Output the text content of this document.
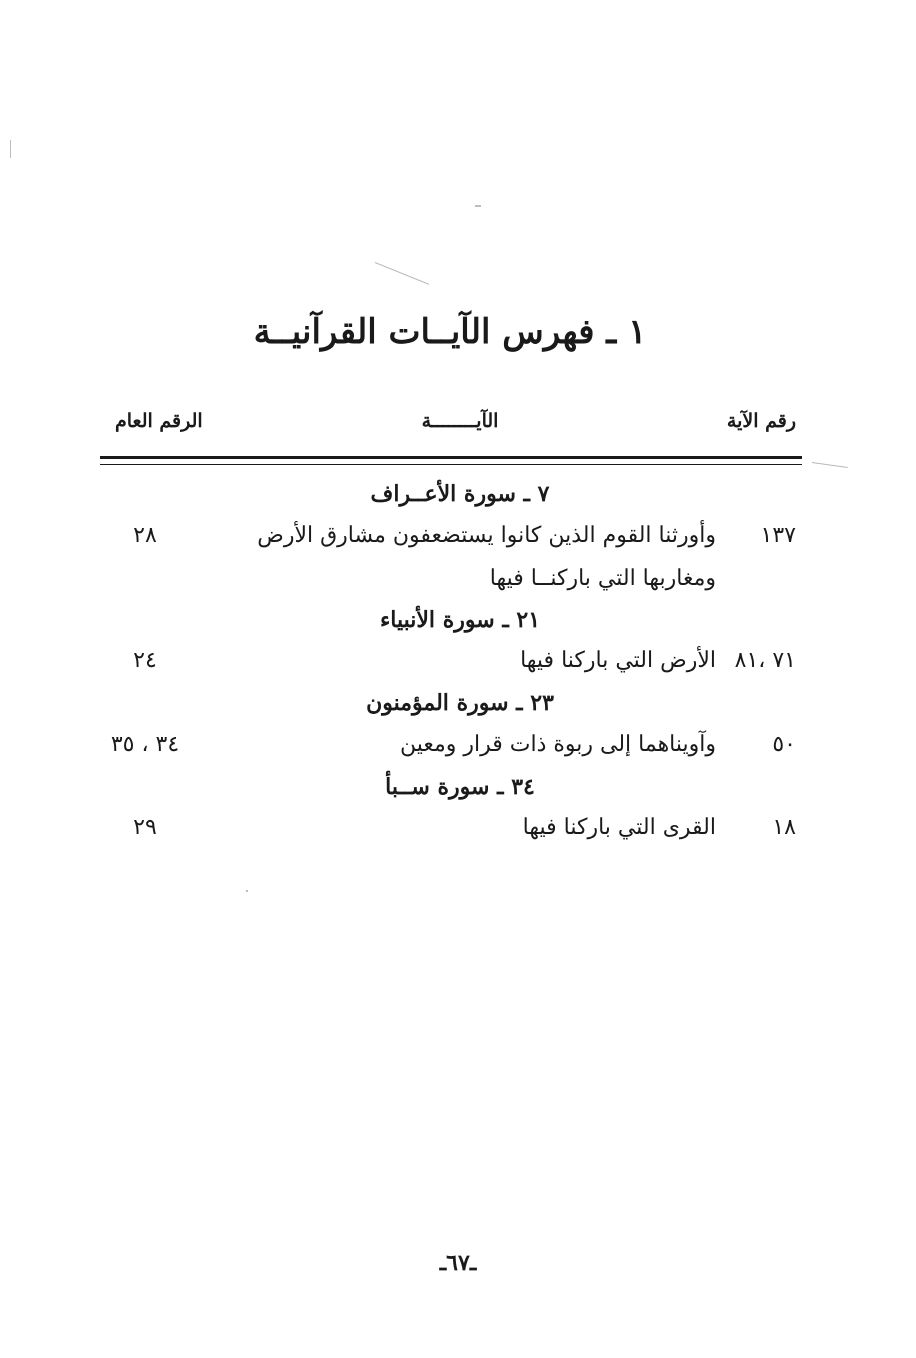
١ ـ فهرس الآيــات القرآنيــة
رقم الآية
الآيــــــــة
الرقم العام
٧ ـ سورة الأعــراف
١٣٧
وأورثنا القوم الذين كانوا يستضعفون مشارق الأرض
٢٨
ومغاربها التي باركنــا فيها
٢١ ـ سورة الأنبياء
٧١ ،٨١
الأرض التي باركنا فيها
٢٤
٢٣ ـ سورة المؤمنون
٥٠
وآويناهما إلى ربوة ذات قرار ومعين
٣٤ ، ٣٥
٣٤ ـ سورة ســبأ
١٨
القرى التي باركنا فيها
٢٩
ـ٦٧ـ
